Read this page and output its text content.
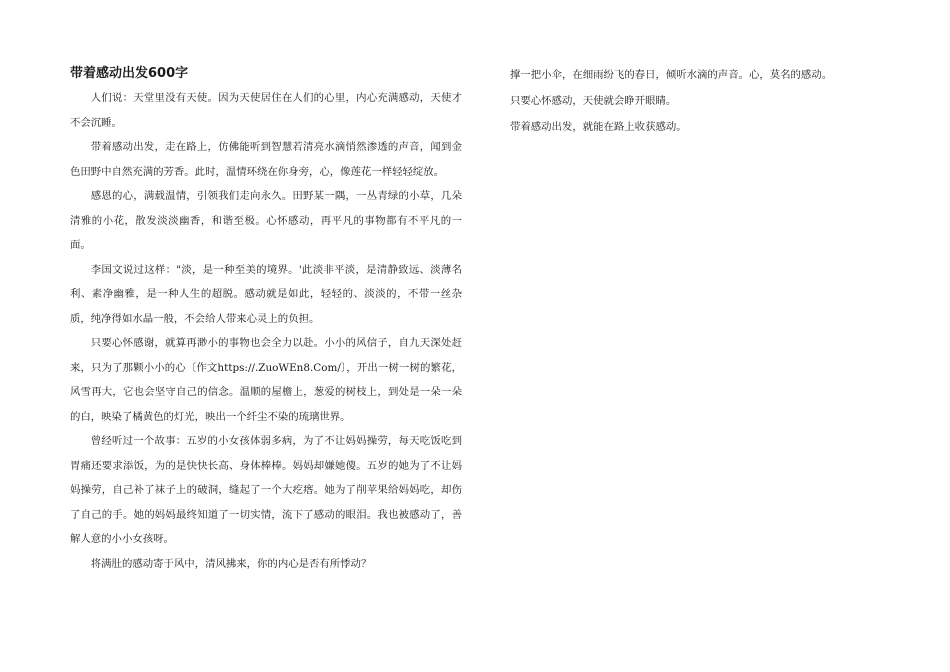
带着感动出发600字

人们说：天堂里没有天使。因为天使居住在人们的心里，内心充满感动，天使才不会沉睡。

带着感动出发，走在路上，仿佛能听到智慧若清亮水滴悄然渗透的声音，闻到金色田野中自然充满的芳香。此时，温情环绕在你身旁，心，像莲花一样轻轻绽放。

感恩的心，满载温情，引领我们走向永久。田野某一隅，一丛青绿的小草，几朵清雅的小花，散发淡淡幽香，和谐至极。心怀感动，再平凡的事物都有不平凡的一面。

李国文说过这样："淡，是一种至美的境界。'此淡非平淡，是清静致远、淡薄名利、素净幽雅，是一种人生的超脱。感动就是如此，轻轻的、淡淡的，不带一丝杂质，纯净得如水晶一般，不会给人带来心灵上的负担。

只要心怀感谢，就算再渺小的事物也会全力以赴。小小的风信子，自九天深处赶来，只为了那颗小小的心〔作文https://.ZuoWEn8.Com/〕，开出一树一树的繁花，风雪再大，它也会坚守自己的信念。温顺的屋檐上，葱爱的树枝上，到处是一朵一朵的白，映染了橘黄色的灯光，映出一个纤尘不染的琉璃世界。

曾经听过一个故事：五岁的小女孩体弱多病，为了不让妈妈操劳，每天吃饭吃到胃痛还要求添饭，为的是快快长高、身体棒棒。妈妈却嫌她傻。五岁的她为了不让妈妈操劳，自己补了袜子上的破洞，缝起了一个大疙瘩。她为了削苹果给妈妈吃，却伤了自己的手。她的妈妈最终知道了一切实情，流下了感动的眼泪。我也被感动了，善解人意的小小女孩呀。

将满肚的感动寄于风中，清风拂来，你的内心是否有所悸动？

撑一把小伞，在细雨纷飞的春日，倾听水滴的声音。心，莫名的感动。

只要心怀感动，天使就会睁开眼睛。

带着感动出发，就能在路上收获感动。
